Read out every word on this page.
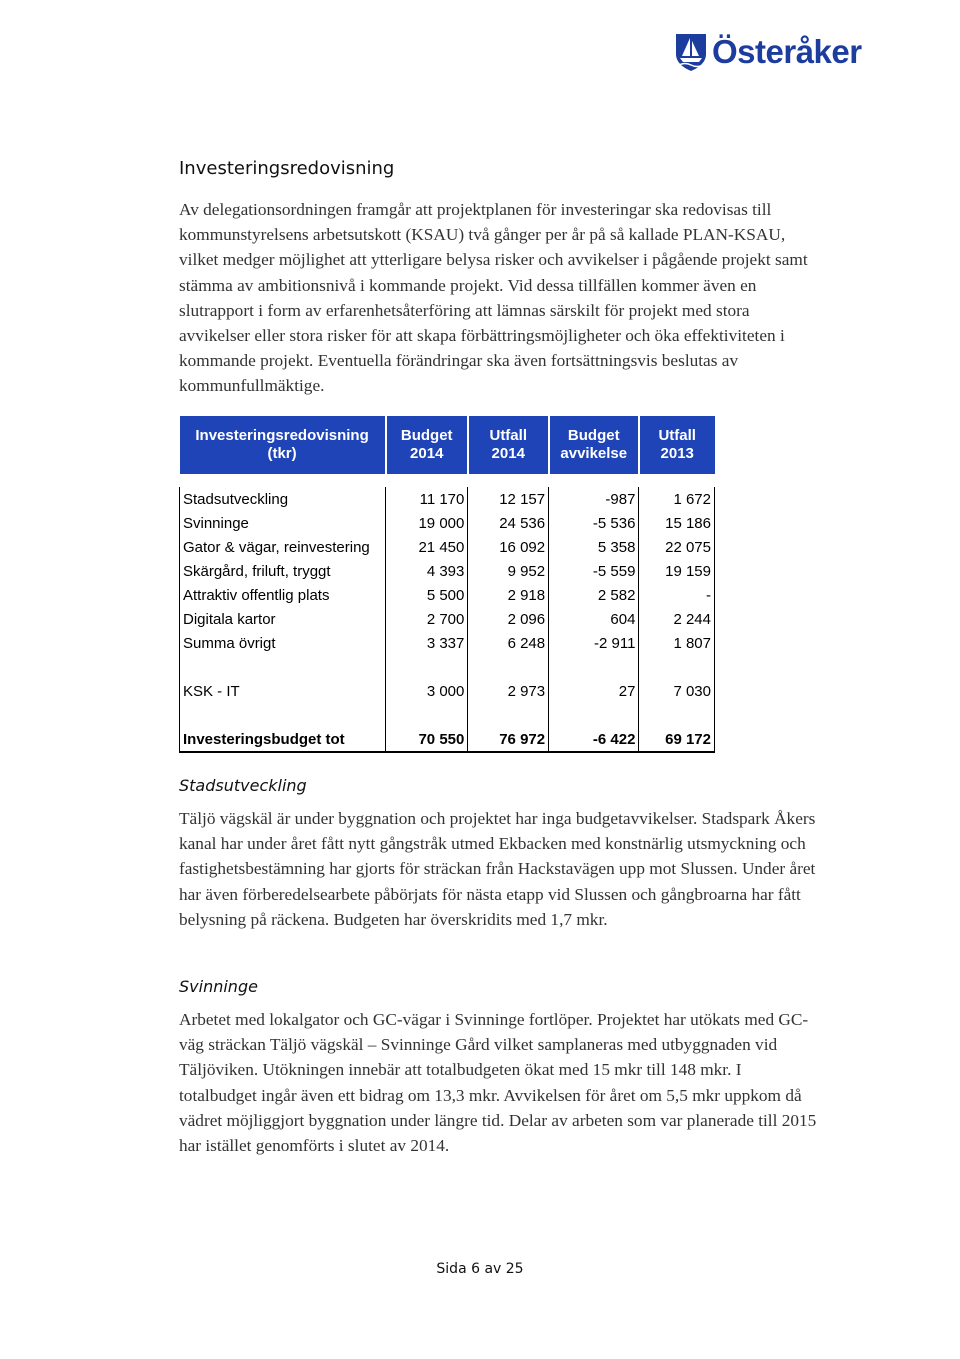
Österåker
Investeringsredovisning

Av delegationsordningen framgår att projektplanen för investeringar ska redovisas till kommunstyrelsens arbetsutskott (KSAU) två gånger per år på så kallade PLAN-KSAU, vilket medger möjlighet att ytterligare belysa risker och avvikelser i pågående projekt samt stämma av ambitionsnivå i kommande projekt. Vid dessa tillfällen kommer även en slutrapport i form av erfarenhetsåterföring att lämnas särskilt för projekt med stora avvikelser eller stora risker för att skapa förbättringsmöjligheter och öka effektiviteten i kommande projekt. Eventuella förändringar ska även fortsättningsvis beslutas av kommunfullmäktige.

Investeringsredovisning (tkr)	Budget 2014	Utfall 2014	Budget avvikelse	Utfall 2013

Stadsutveckling	11 170	12 157	-987	1 672
Svinninge	19 000	24 536	-5 536	15 186
Gator & vägar, reinvestering	21 450	16 092	5 358	22 075
Skärgård, friluft, tryggt	4 393	9 952	-5 559	19 159
Attraktiv offentlig plats	5 500	2 918	2 582	-
Digitala kartor	2 700	2 096	604	2 244
Summa övrigt	3 337	6 248	-2 911	1 807

KSK - IT	3 000	2 973	27	7 030

Investeringsbudget tot	70 550	76 972	-6 422	69 172
Stadsutveckling

Täljö vägskäl är under byggnation och projektet har inga budgetavvikelser. Stadspark Åkers kanal har under året fått nytt gångstråk utmed Ekbacken med konstnärlig utsmyckning och fastighetsbestämning har gjorts för sträckan från Hackstavägen upp mot Slussen. Under året har även förberedelsearbete påbörjats för nästa etapp vid Slussen och gångbroarna har fått belysning på räckena. Budgeten har överskridits med 1,7 mkr.

Svinninge

Arbetet med lokalgator och GC-vägar i Svinninge fortlöper. Projektet har utökats med GC-väg sträckan Täljö vägskäl – Svinninge Gård vilket samplaneras med utbyggnaden vid Täljöviken. Utökningen innebär att totalbudgeten ökat med 15 mkr till 148 mkr. I totalbudget ingår även ett bidrag om 13,3 mkr. Avvikelsen för året om 5,5 mkr uppkom då vädret möjliggjort byggnation under längre tid. Delar av arbeten som var planerade till 2015 har istället genomförts i slutet av 2014.

Sida 6 av 25
